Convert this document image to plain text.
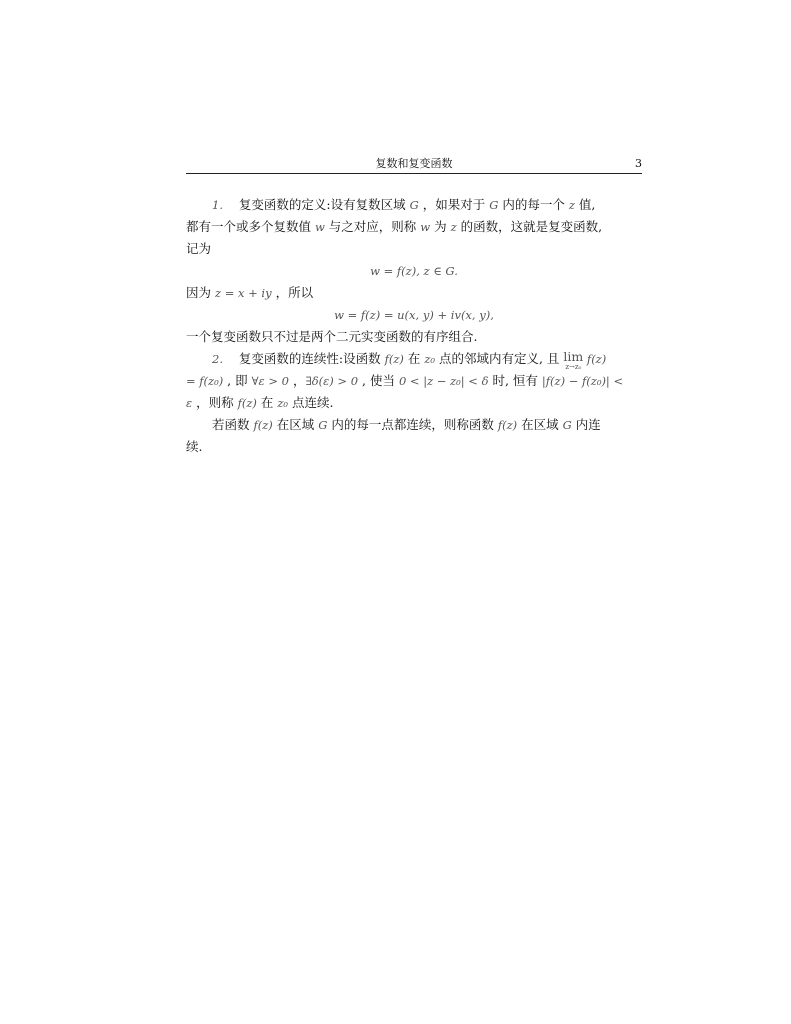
复数和复变函数	3
1. 复变函数的定义:设有复数区域 G ，如果对于 G 内的每一个 z 值,
都有一个或多个复数值 w 与之对应，则称 w 为 z 的函数，这就是复变函数,
记为
w = f(z), z ∈ G.
因为 z = x + iy ，所以
w = f(z) = u(x, y) + iv(x, y),
一个复变函数只不过是两个二元实变函数的有序组合.
2. 复变函数的连续性:设函数 f(z) 在 z₀ 点的邻域内有定义, 且 lim
z→z₀
f(z)
= f(z₀) , 即 ∀ε > 0 ，∃δ(ε) > 0 , 使当 0 < |z − z₀| < δ 时, 恒有 |f(z) − f(z₀)| <
ε ，则称 f(z) 在 z₀ 点连续.
若函数 f(z) 在区域 G 内的每一点都连续，则称函数 f(z) 在区域 G 内连
续.
